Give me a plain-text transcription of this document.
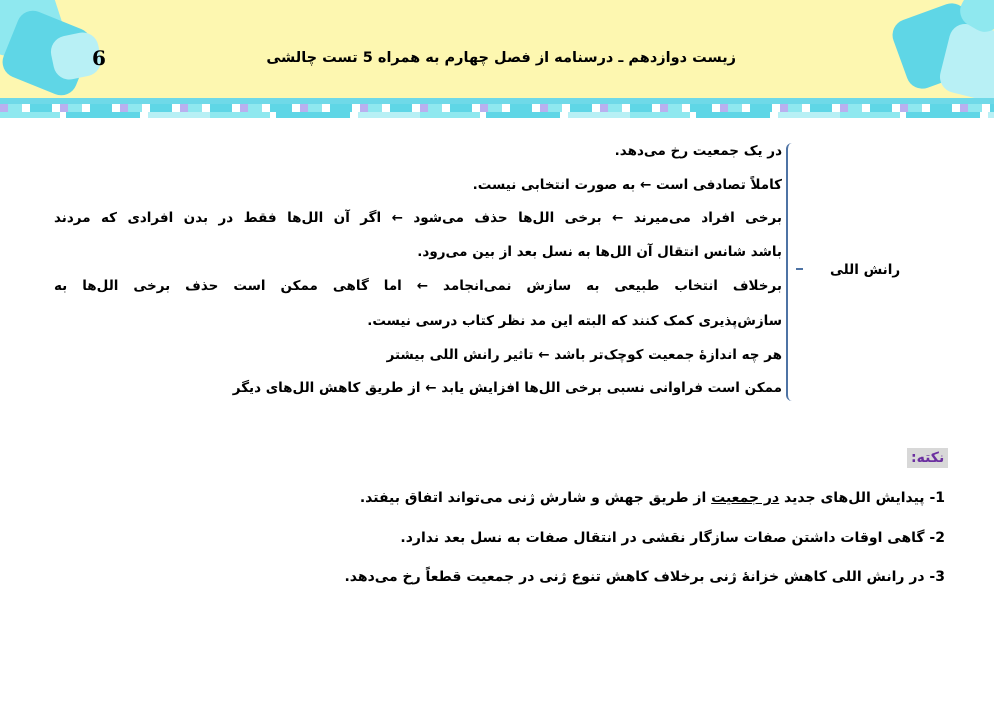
6	زیست دوازدهم ـ درسنامه از فصل چهارم به همراه 5 تست چالشی
رانش اللی
در یک جمعیت رخ می‌دهد.
کاملاً تصادفی است ← به صورت انتخابی نیست.
برخی افراد می‌میرند ← برخی الل‌ها حذف می‌شود ← اگر آن الل‌ها فقط در بدن افرادی که مردند
باشد شانس انتقال آن الل‌ها به نسل بعد از بین می‌رود.
برخلاف انتخاب طبیعی به سازش نمی‌انجامد ← اما گاهی ممکن است حذف برخی الل‌ها به
سازش‌پذیری کمک کنند که البته این مد نظر کتاب درسی نیست.
هر چه اندازهٔ جمعیت کوچک‌تر باشد ← تاثیر رانش اللی بیشتر
ممکن است فراوانی نسبی برخی الل‌ها افزایش یابد ← از طریق کاهش الل‌های دیگر
نکته:
1- پیدایش الل‌های جدید در جمعیت از طریق جهش و شارش ژنی می‌تواند اتفاق بیفتد.
2- گاهی اوقات داشتن صفات سازگار نقشی در انتقال صفات به نسل بعد ندارد.
3- در رانش اللی کاهش خزانهٔ ژنی برخلاف کاهش تنوع ژنی در جمعیت قطعاً رخ می‌دهد.
